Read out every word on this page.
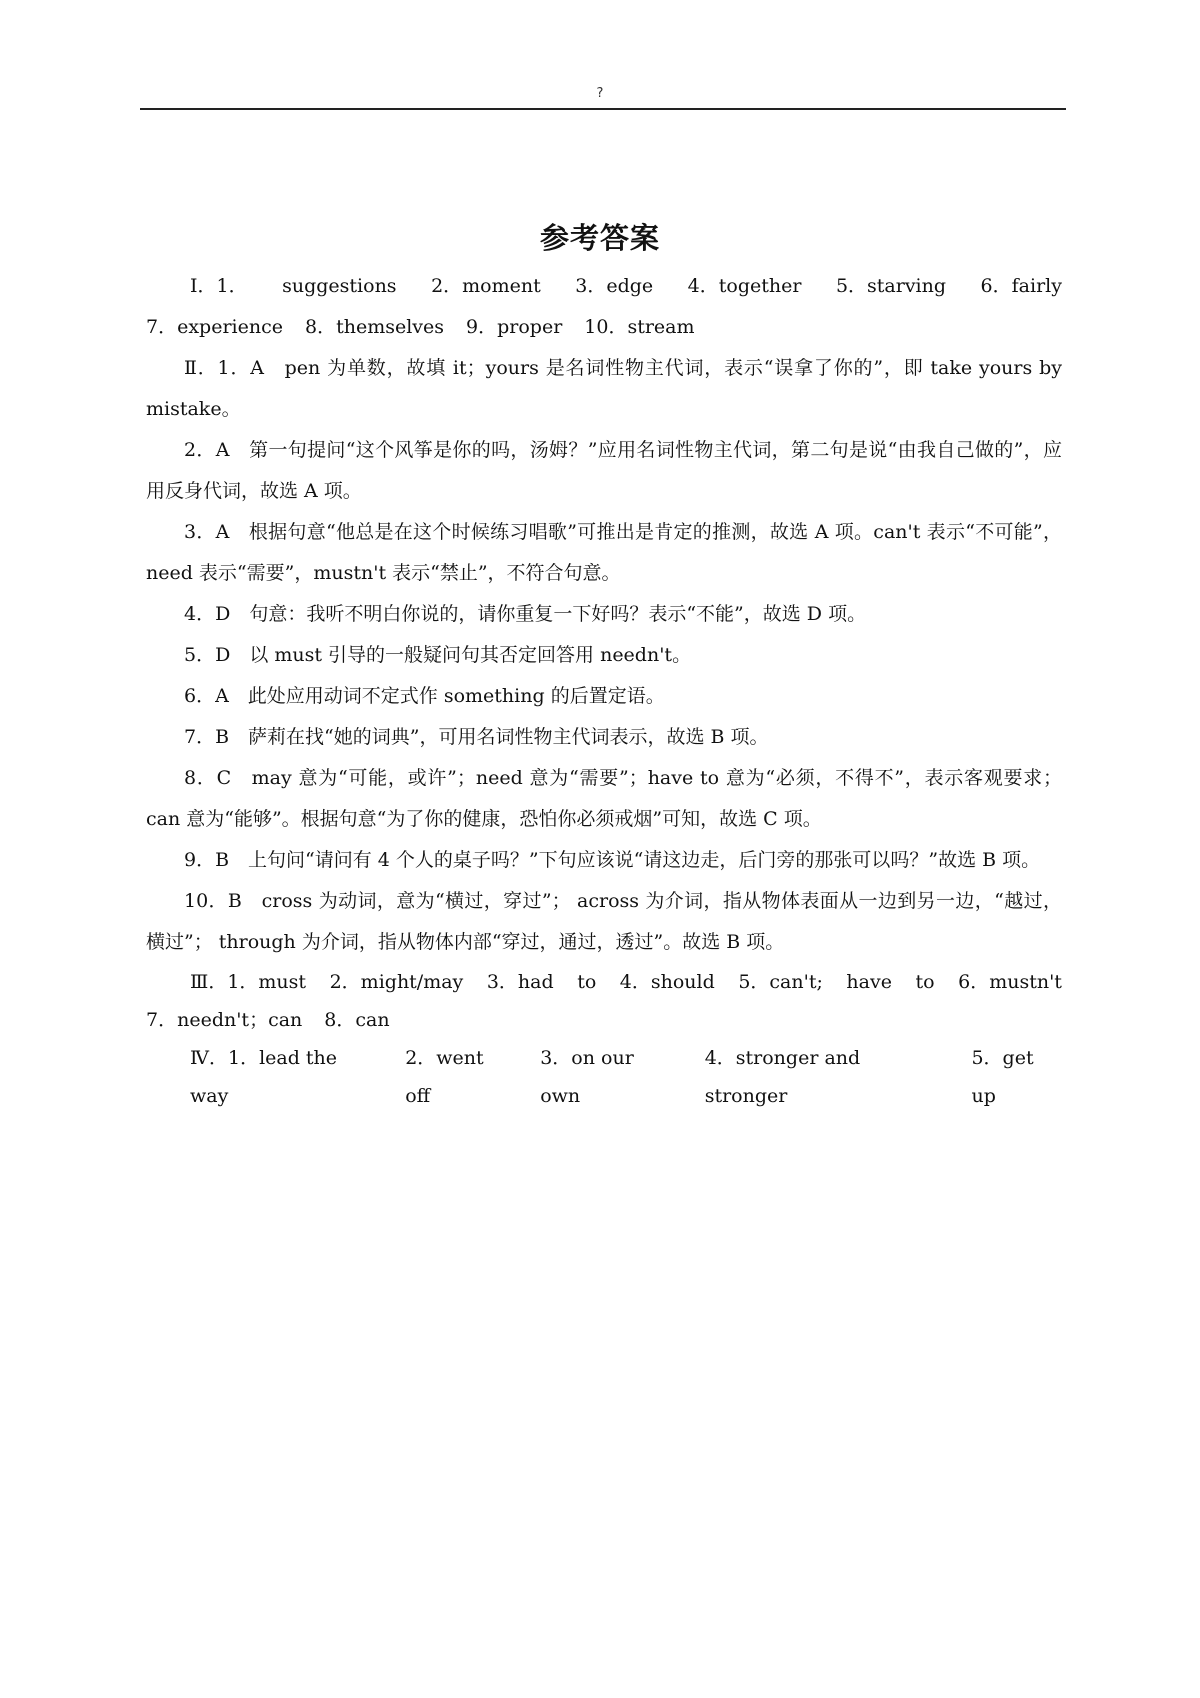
?
参考答案
Ⅰ．1． suggestions 2．moment 3．edge 4．together 5．starving 6．fairly
7．experience 8．themselves 9．proper 10．stream

Ⅱ．1．A　pen 为单数，故填 it；yours 是名词性物主代词，表示“误拿了你的”，即 take yours by mistake。

2．A　第一句提问“这个风筝是你的吗，汤姆？”应用名词性物主代词，第二句是说“由我自己做的”，应用反身代词，故选 A 项。

3．A　根据句意“他总是在这个时候练习唱歌”可推出是肯定的推测，故选 A 项。can't 表示“不可能”，need 表示“需要”，mustn't 表示“禁止”，不符合句意。

4．D　句意：我听不明白你说的，请你重复一下好吗？表示“不能”，故选 D 项。

5．D　以 must 引导的一般疑问句其否定回答用 needn't。

6．A　此处应用动词不定式作 something 的后置定语。

7．B　萨莉在找“她的词典”，可用名词性物主代词表示，故选 B 项。

8．C　may 意为“可能，或许”；need 意为“需要”；have to 意为“必须，不得不”，表示客观要求；can 意为“能够”。根据句意“为了你的健康，恐怕你必须戒烟”可知，故选 C 项。

9．B　上句问“请问有 4 个人的桌子吗？”下句应该说“请这边走，后门旁的那张可以吗？”故选 B 项。

10．B　cross 为动词，意为“横过，穿过”； across 为介词，指从物体表面从一边到另一边，“越过，横过”； through 为介词，指从物体内部“穿过，通过，透过”。故选 B 项。

Ⅲ．1．must 2．might/may 3．had to 4．should 5．can't; have to 6．mustn't
7．needn't；can 8．can
Ⅳ．1．lead the way
2．went off
3．on our own
4．stronger and stronger
5．get up
